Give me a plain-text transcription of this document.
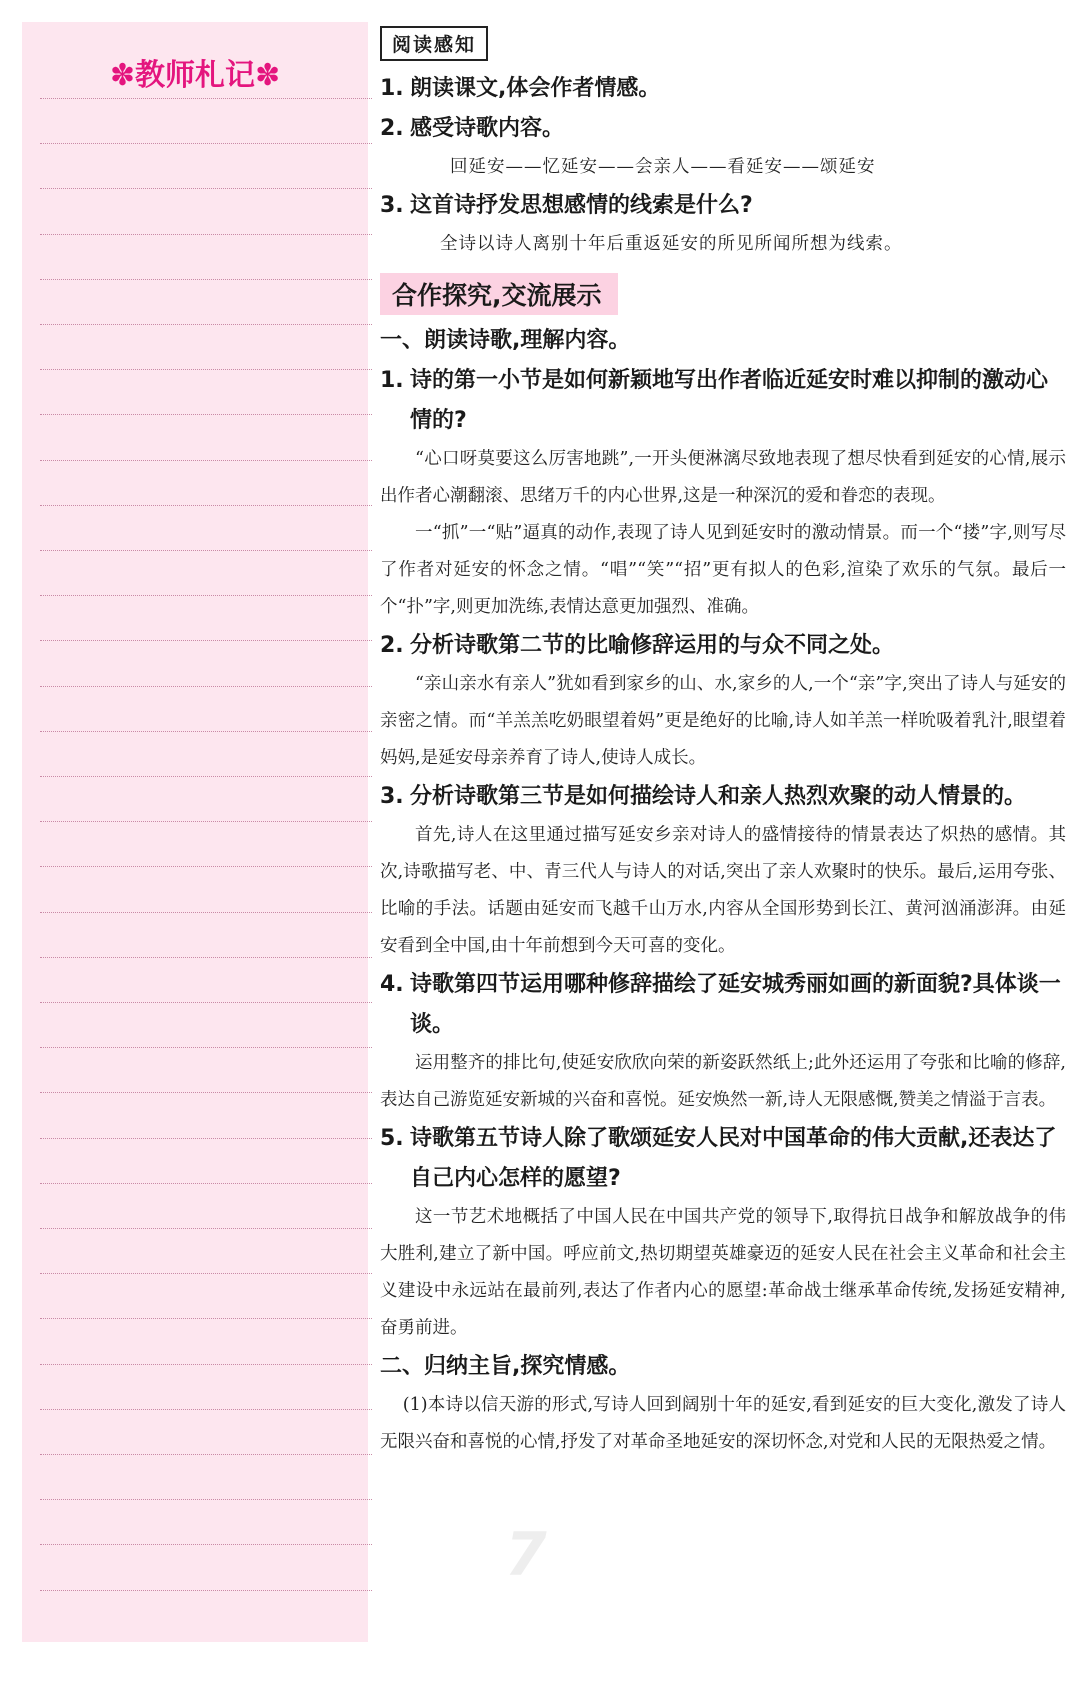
✽教师札记✽
阅读感知
1. 朗读课文,体会作者情感。
2. 感受诗歌内容。
回延安——忆延安——会亲人——看延安——颂延安
3. 这首诗抒发思想感情的线索是什么?
全诗以诗人离别十年后重返延安的所见所闻所想为线索。
合作探究,交流展示
一、朗读诗歌,理解内容。
1. 诗的第一小节是如何新颖地写出作者临近延安时难以抑制的激动心情的?
“心口呀莫要这么厉害地跳”,一开头便淋漓尽致地表现了想尽快看到延安的心情,展示出作者心潮翻滚、思绪万千的内心世界,这是一种深沉的爱和眷恋的表现。
一“抓”一“贴”逼真的动作,表现了诗人见到延安时的激动情景。而一个“搂”字,则写尽了作者对延安的怀念之情。“唱”“笑”“招”更有拟人的色彩,渲染了欢乐的气氛。最后一个“扑”字,则更加洗练,表情达意更加强烈、准确。
2. 分析诗歌第二节的比喻修辞运用的与众不同之处。
“亲山亲水有亲人”犹如看到家乡的山、水,家乡的人,一个“亲”字,突出了诗人与延安的亲密之情。而“羊羔羔吃奶眼望着妈”更是绝好的比喻,诗人如羊羔一样吮吸着乳汁,眼望着妈妈,是延安母亲养育了诗人,使诗人成长。
3. 分析诗歌第三节是如何描绘诗人和亲人热烈欢聚的动人情景的。
首先,诗人在这里通过描写延安乡亲对诗人的盛情接待的情景表达了炽热的感情。其次,诗歌描写老、中、青三代人与诗人的对话,突出了亲人欢聚时的快乐。最后,运用夸张、比喻的手法。话题由延安而飞越千山万水,内容从全国形势到长江、黄河汹涌澎湃。由延安看到全中国,由十年前想到今天可喜的变化。
4. 诗歌第四节运用哪种修辞描绘了延安城秀丽如画的新面貌?具体谈一谈。
运用整齐的排比句,使延安欣欣向荣的新姿跃然纸上;此外还运用了夸张和比喻的修辞,表达自己游览延安新城的兴奋和喜悦。延安焕然一新,诗人无限感慨,赞美之情溢于言表。
5. 诗歌第五节诗人除了歌颂延安人民对中国革命的伟大贡献,还表达了自己内心怎样的愿望?
这一节艺术地概括了中国人民在中国共产党的领导下,取得抗日战争和解放战争的伟大胜利,建立了新中国。呼应前文,热切期望英雄豪迈的延安人民在社会主义革命和社会主义建设中永远站在最前列,表达了作者内心的愿望:革命战士继承革命传统,发扬延安精神,奋勇前进。
二、归纳主旨,探究情感。
(1)本诗以信天游的形式,写诗人回到阔别十年的延安,看到延安的巨大变化,激发了诗人无限兴奋和喜悦的心情,抒发了对革命圣地延安的深切怀念,对党和人民的无限热爱之情。
7
